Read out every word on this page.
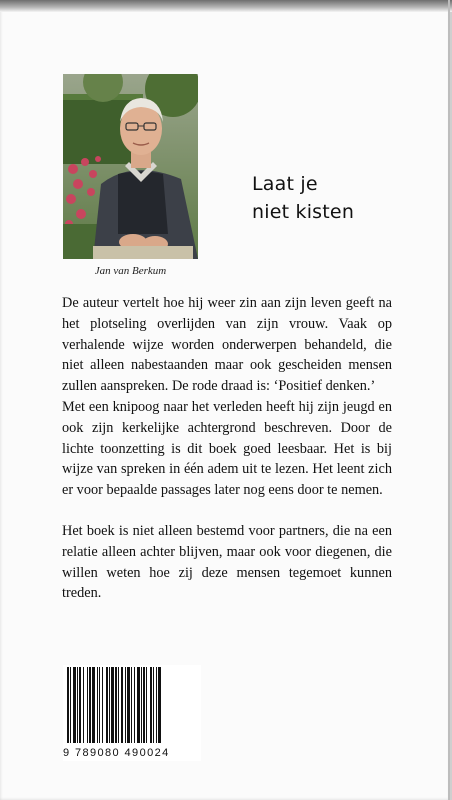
Jan van Berkum
Laat je
niet kisten

De auteur vertelt hoe hij weer zin aan zijn leven geeft na het plotseling overlijden van zijn vrouw. Vaak op verhalende wijze worden onderwerpen behandeld, die niet alleen nabestaanden maar ook gescheiden mensen zullen aanspreken. De rode draad is: ‘Positief denken.’

Met een knipoog naar het verleden heeft hij zijn jeugd en ook zijn kerkelijke achtergrond beschreven. Door de lichte toonzetting is dit boek goed leesbaar. Het is bij wijze van spreken in één adem uit te lezen. Het leent zich er voor bepaalde passages later nog eens door te nemen.

Het boek is niet alleen bestemd voor partners, die na een relatie alleen achter blijven, maar ook voor diegenen, die willen weten hoe zij deze mensen tegemoet kunnen treden.

9 789080 490024
